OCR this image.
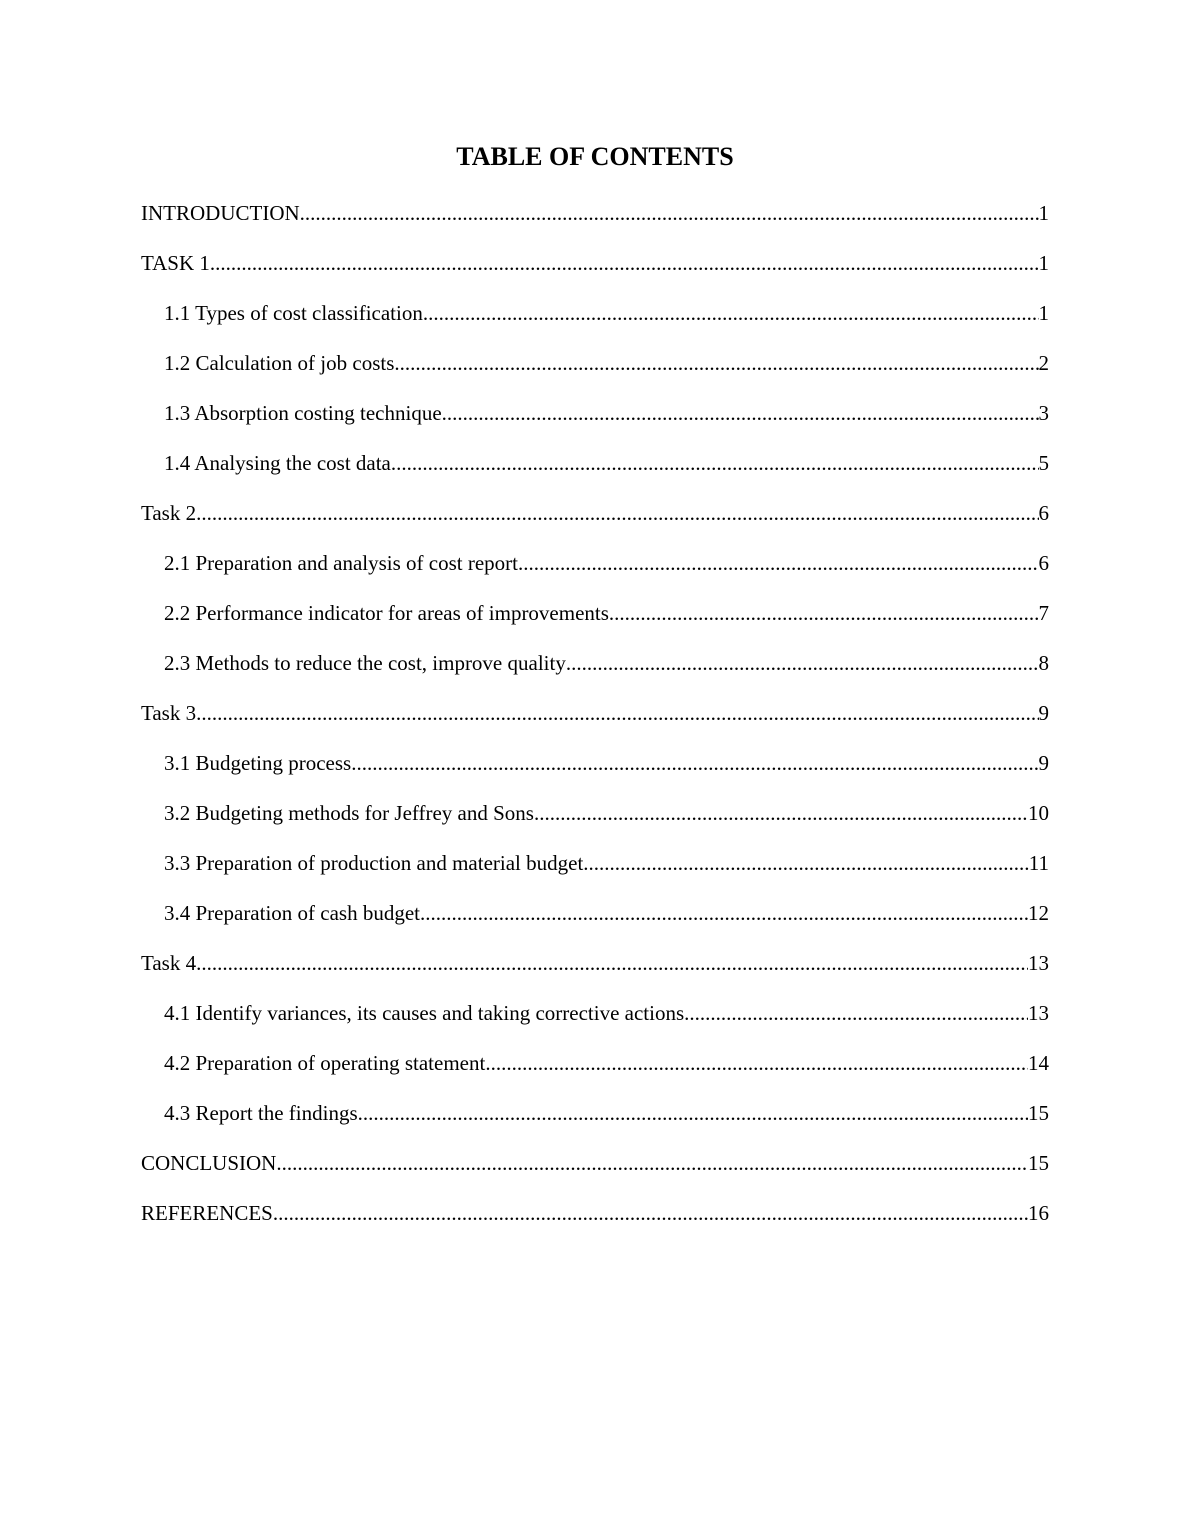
TABLE OF CONTENTS
INTRODUCTION .....	1
TASK 1 .....	1
1.1 Types of cost classification .....	1
1.2 Calculation of job costs .....	2
1.3 Absorption costing technique .....	3
1.4 Analysing the cost data .....	5
Task 2 .....	6
2.1 Preparation and analysis of cost report .....	6
2.2 Performance indicator for areas of improvements .....	7
2.3 Methods to reduce the cost, improve quality .....	8
Task 3 .....	9
3.1 Budgeting process .....	9
3.2 Budgeting methods for Jeffrey and Sons .....	10
3.3 Preparation of production and material budget .....	11
3.4 Preparation of cash budget .....	12
Task 4 .....	13
4.1 Identify variances, its causes and taking corrective actions .....	13
4.2 Preparation of operating statement .....	14
4.3 Report the findings .....	15
CONCLUSION .....	15
REFERENCES .....	16
